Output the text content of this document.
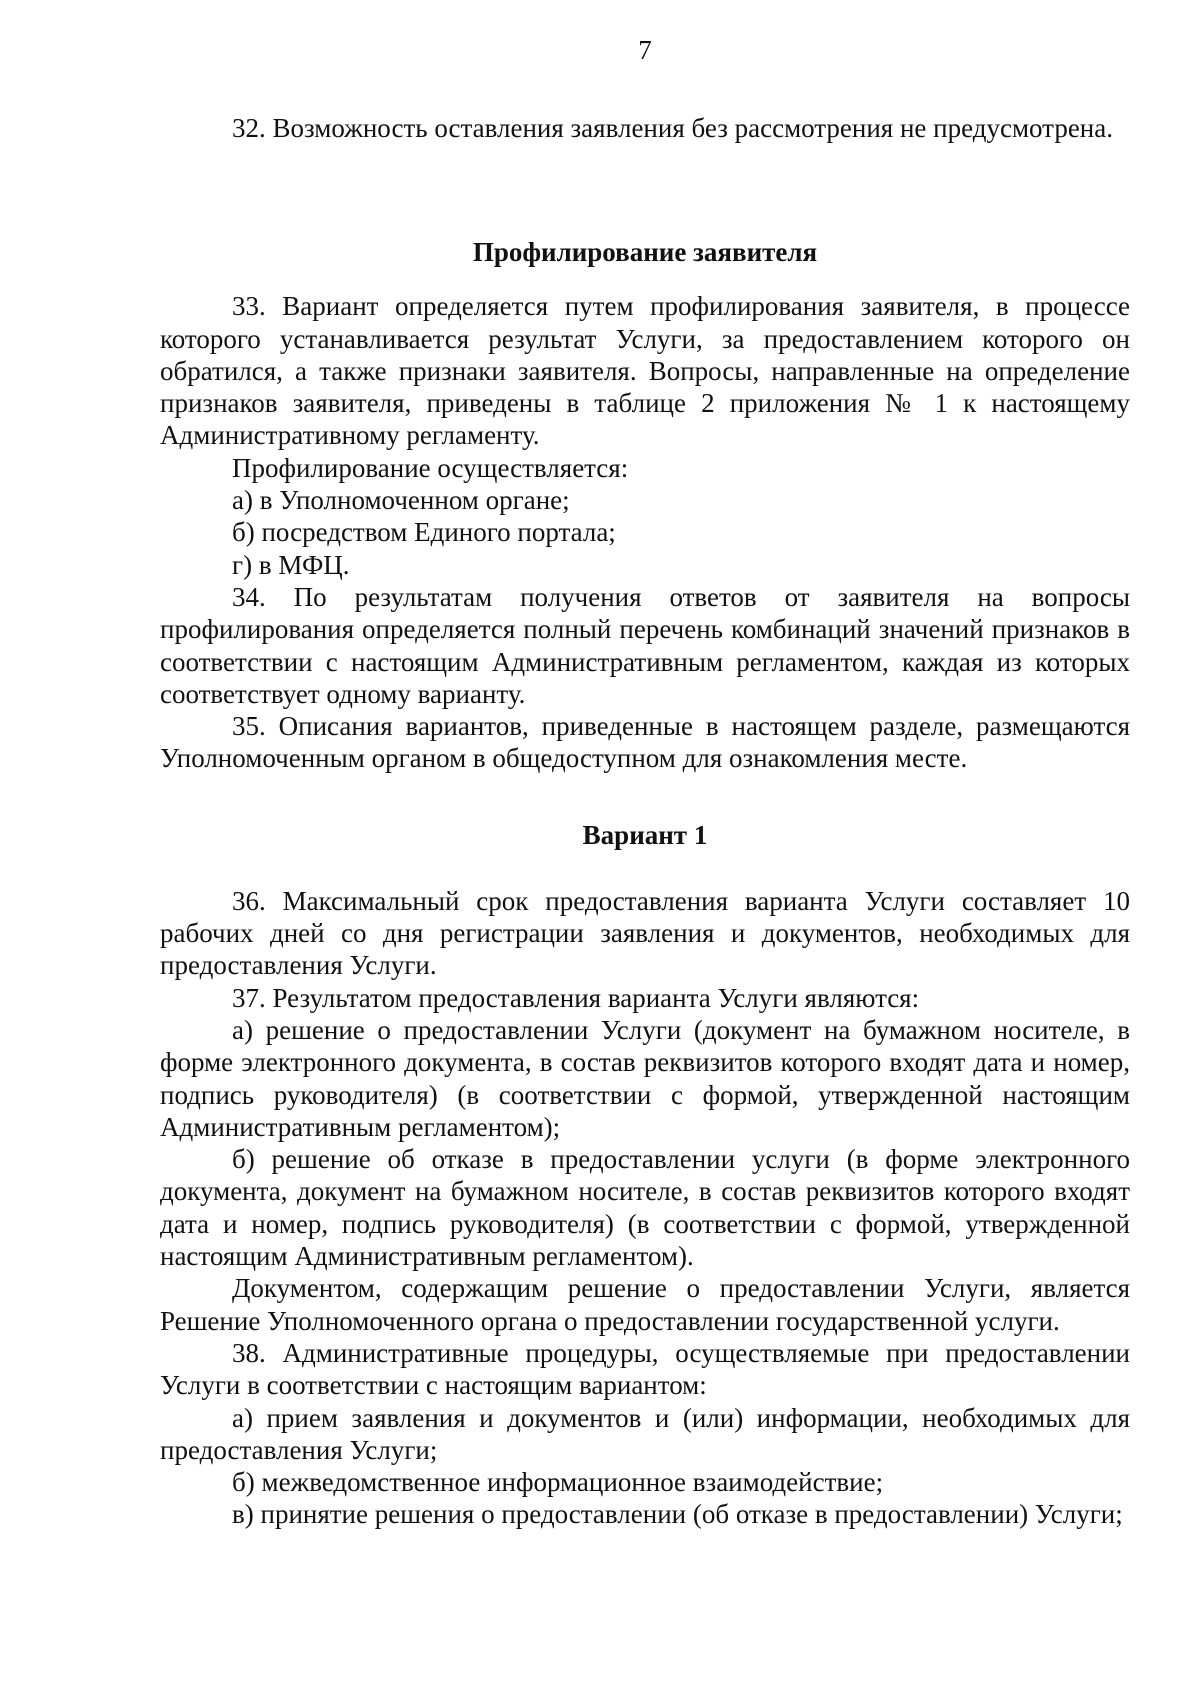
7

32. Возможность оставления заявления без рассмотрения не предусмотрена.

Профилирование заявителя

33. Вариант определяется путем профилирования заявителя, в процессе которого устанавливается результат Услуги, за предоставлением которого он обратился, а также признаки заявителя. Вопросы, направленные на определение признаков заявителя, приведены в таблице 2 приложения № 1 к настоящему Административному регламенту.

Профилирование осуществляется:

а) в Уполномоченном органе;

б) посредством Единого портала;

г) в МФЦ.

34. По результатам получения ответов от заявителя на вопросы профилирования определяется полный перечень комбинаций значений признаков в соответствии с настоящим Административным регламентом, каждая из которых соответствует одному варианту.

35. Описания вариантов, приведенные в настоящем разделе, размещаются Уполномоченным органом в общедоступном для ознакомления месте.

Вариант 1

36. Максимальный срок предоставления варианта Услуги составляет 10 рабочих дней со дня регистрации заявления и документов, необходимых для предоставления Услуги.

37. Результатом предоставления варианта Услуги являются:

а) решение о предоставлении Услуги (документ на бумажном носителе, в форме электронного документа, в состав реквизитов которого входят дата и номер, подпись руководителя) (в соответствии с формой, утвержденной настоящим Административным регламентом);

б) решение об отказе в предоставлении услуги (в форме электронного документа, документ на бумажном носителе, в состав реквизитов которого входят дата и номер, подпись руководителя) (в соответствии с формой, утвержденной настоящим Административным регламентом).

Документом, содержащим решение о предоставлении Услуги, является Решение Уполномоченного органа о предоставлении государственной услуги.

38. Административные процедуры, осуществляемые при предоставлении Услуги в соответствии с настоящим вариантом:

а) прием заявления и документов и (или) информации, необходимых для предоставления Услуги;

б) межведомственное информационное взаимодействие;

в) принятие решения о предоставлении (об отказе в предоставлении) Услуги;
